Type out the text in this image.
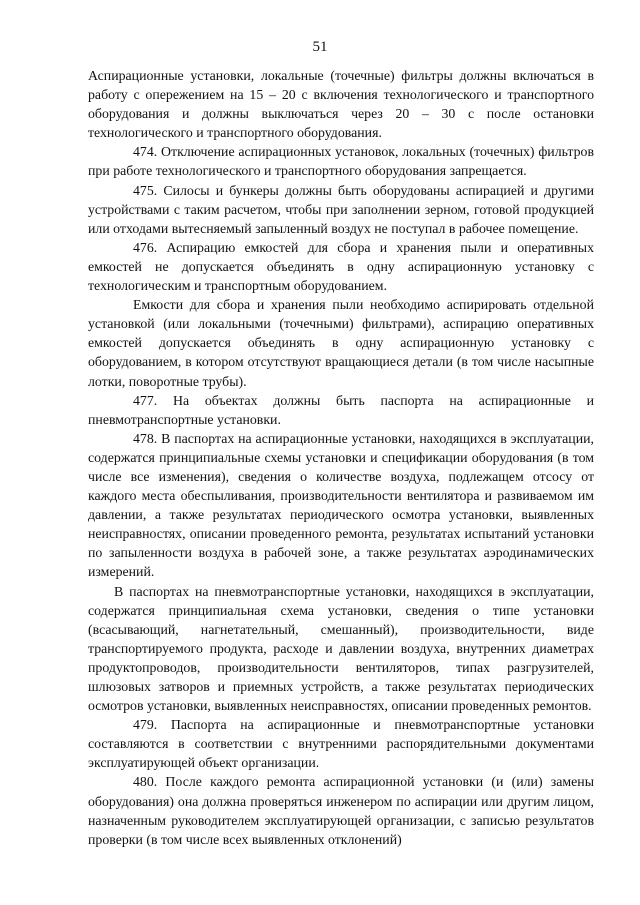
51

Аспирационные установки, локальные (точечные) фильтры должны включаться в работу с опережением на 15 – 20 с включения технологического и транспортного оборудования и должны выключаться через 20 – 30 с после остановки технологического и транспортного оборудования.

474. Отключение аспирационных установок, локальных (точечных) фильтров при работе технологического и транспортного оборудования запрещается.

475. Силосы и бункеры должны быть оборудованы аспирацией и другими устройствами с таким расчетом, чтобы при заполнении зерном, готовой продукцией или отходами вытесняемый запыленный воздух не поступал в рабочее помещение.

476. Аспирацию емкостей для сбора и хранения пыли и оперативных емкостей не допускается объединять в одну аспирационную установку с технологическим и транспортным оборудованием.

Емкости для сбора и хранения пыли необходимо аспирировать отдельной установкой (или локальными (точечными) фильтрами), аспирацию оперативных емкостей допускается объединять в одну аспирационную установку с оборудованием, в котором отсутствуют вращающиеся детали (в том числе насыпные лотки, поворотные трубы).

477. На объектах должны быть паспорта на аспирационные и пневмотранспортные установки.

478. В паспортах на аспирационные установки, находящихся в эксплуатации, содержатся принципиальные схемы установки и спецификации оборудования (в том числе все изменения), сведения о количестве воздуха, подлежащем отсосу от каждого места обеспыливания, производительности вентилятора и развиваемом им давлении, а также результатах периодического осмотра установки, выявленных неисправностях, описании проведенного ремонта, результатах испытаний установки по запыленности воздуха в рабочей зоне, а также результатах аэродинамических измерений.

В паспортах на пневмотранспортные установки, находящихся в эксплуатации, содержатся принципиальная схема установки, сведения о типе установки (всасывающий, нагнетательный, смешанный), производительности, виде транспортируемого продукта, расходе и давлении воздуха, внутренних диаметрах продуктопроводов, производительности вентиляторов, типах разгрузителей, шлюзовых затворов и приемных устройств, а также результатах периодических осмотров установки, выявленных неисправностях, описании проведенных ремонтов.

479. Паспорта на аспирационные и пневмотранспортные установки составляются в соответствии с внутренними распорядительными документами эксплуатирующей объект организации.

480. После каждого ремонта аспирационной установки (и (или) замены оборудования) она должна проверяться инженером по аспирации или другим лицом, назначенным руководителем эксплуатирующей организации, с записью результатов проверки (в том числе всех выявленных отклонений)
